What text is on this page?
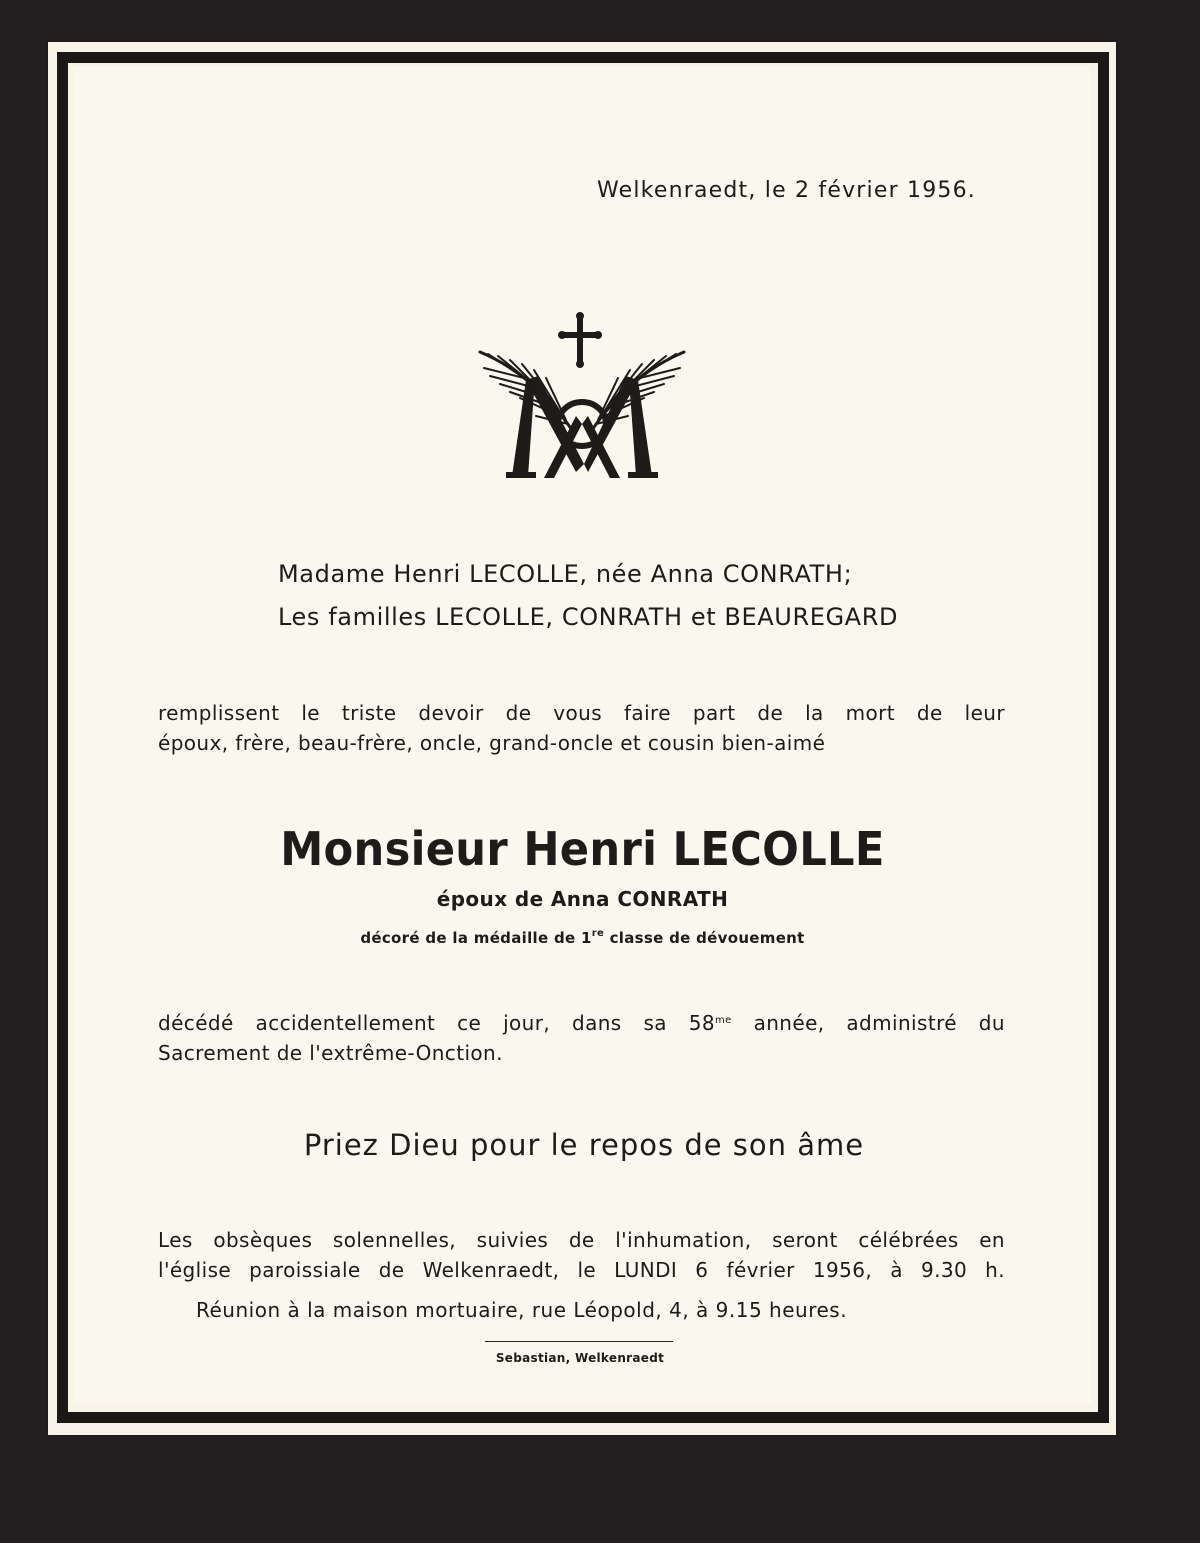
Welkenraedt, le 2 février 1956.
Madame Henri LECOLLE, née Anna CONRATH;
Les familles LECOLLE, CONRATH et BEAUREGARD
remplissent le triste devoir de vous faire part de la mort de leur
époux, frère, beau-frère, oncle, grand-oncle et cousin bien-aimé
Monsieur Henri LECOLLE
époux de Anna CONRATH
décoré de la médaille de 1re classe de dévouement
décédé accidentellement ce jour, dans sa $58^{me}$ année, administré du
Sacrement de l'extrême-Onction.
Priez Dieu pour le repos de son âme
Les obsèques solennelles, suivies de l'inhumation, seront célébrées en
l'église paroissiale de Welkenraedt, le LUNDI 6 février 1956, à 9.30 h.
Réunion à la maison mortuaire, rue Léopold, 4, à 9.15 heures.
Sebastian, Welkenraedt
